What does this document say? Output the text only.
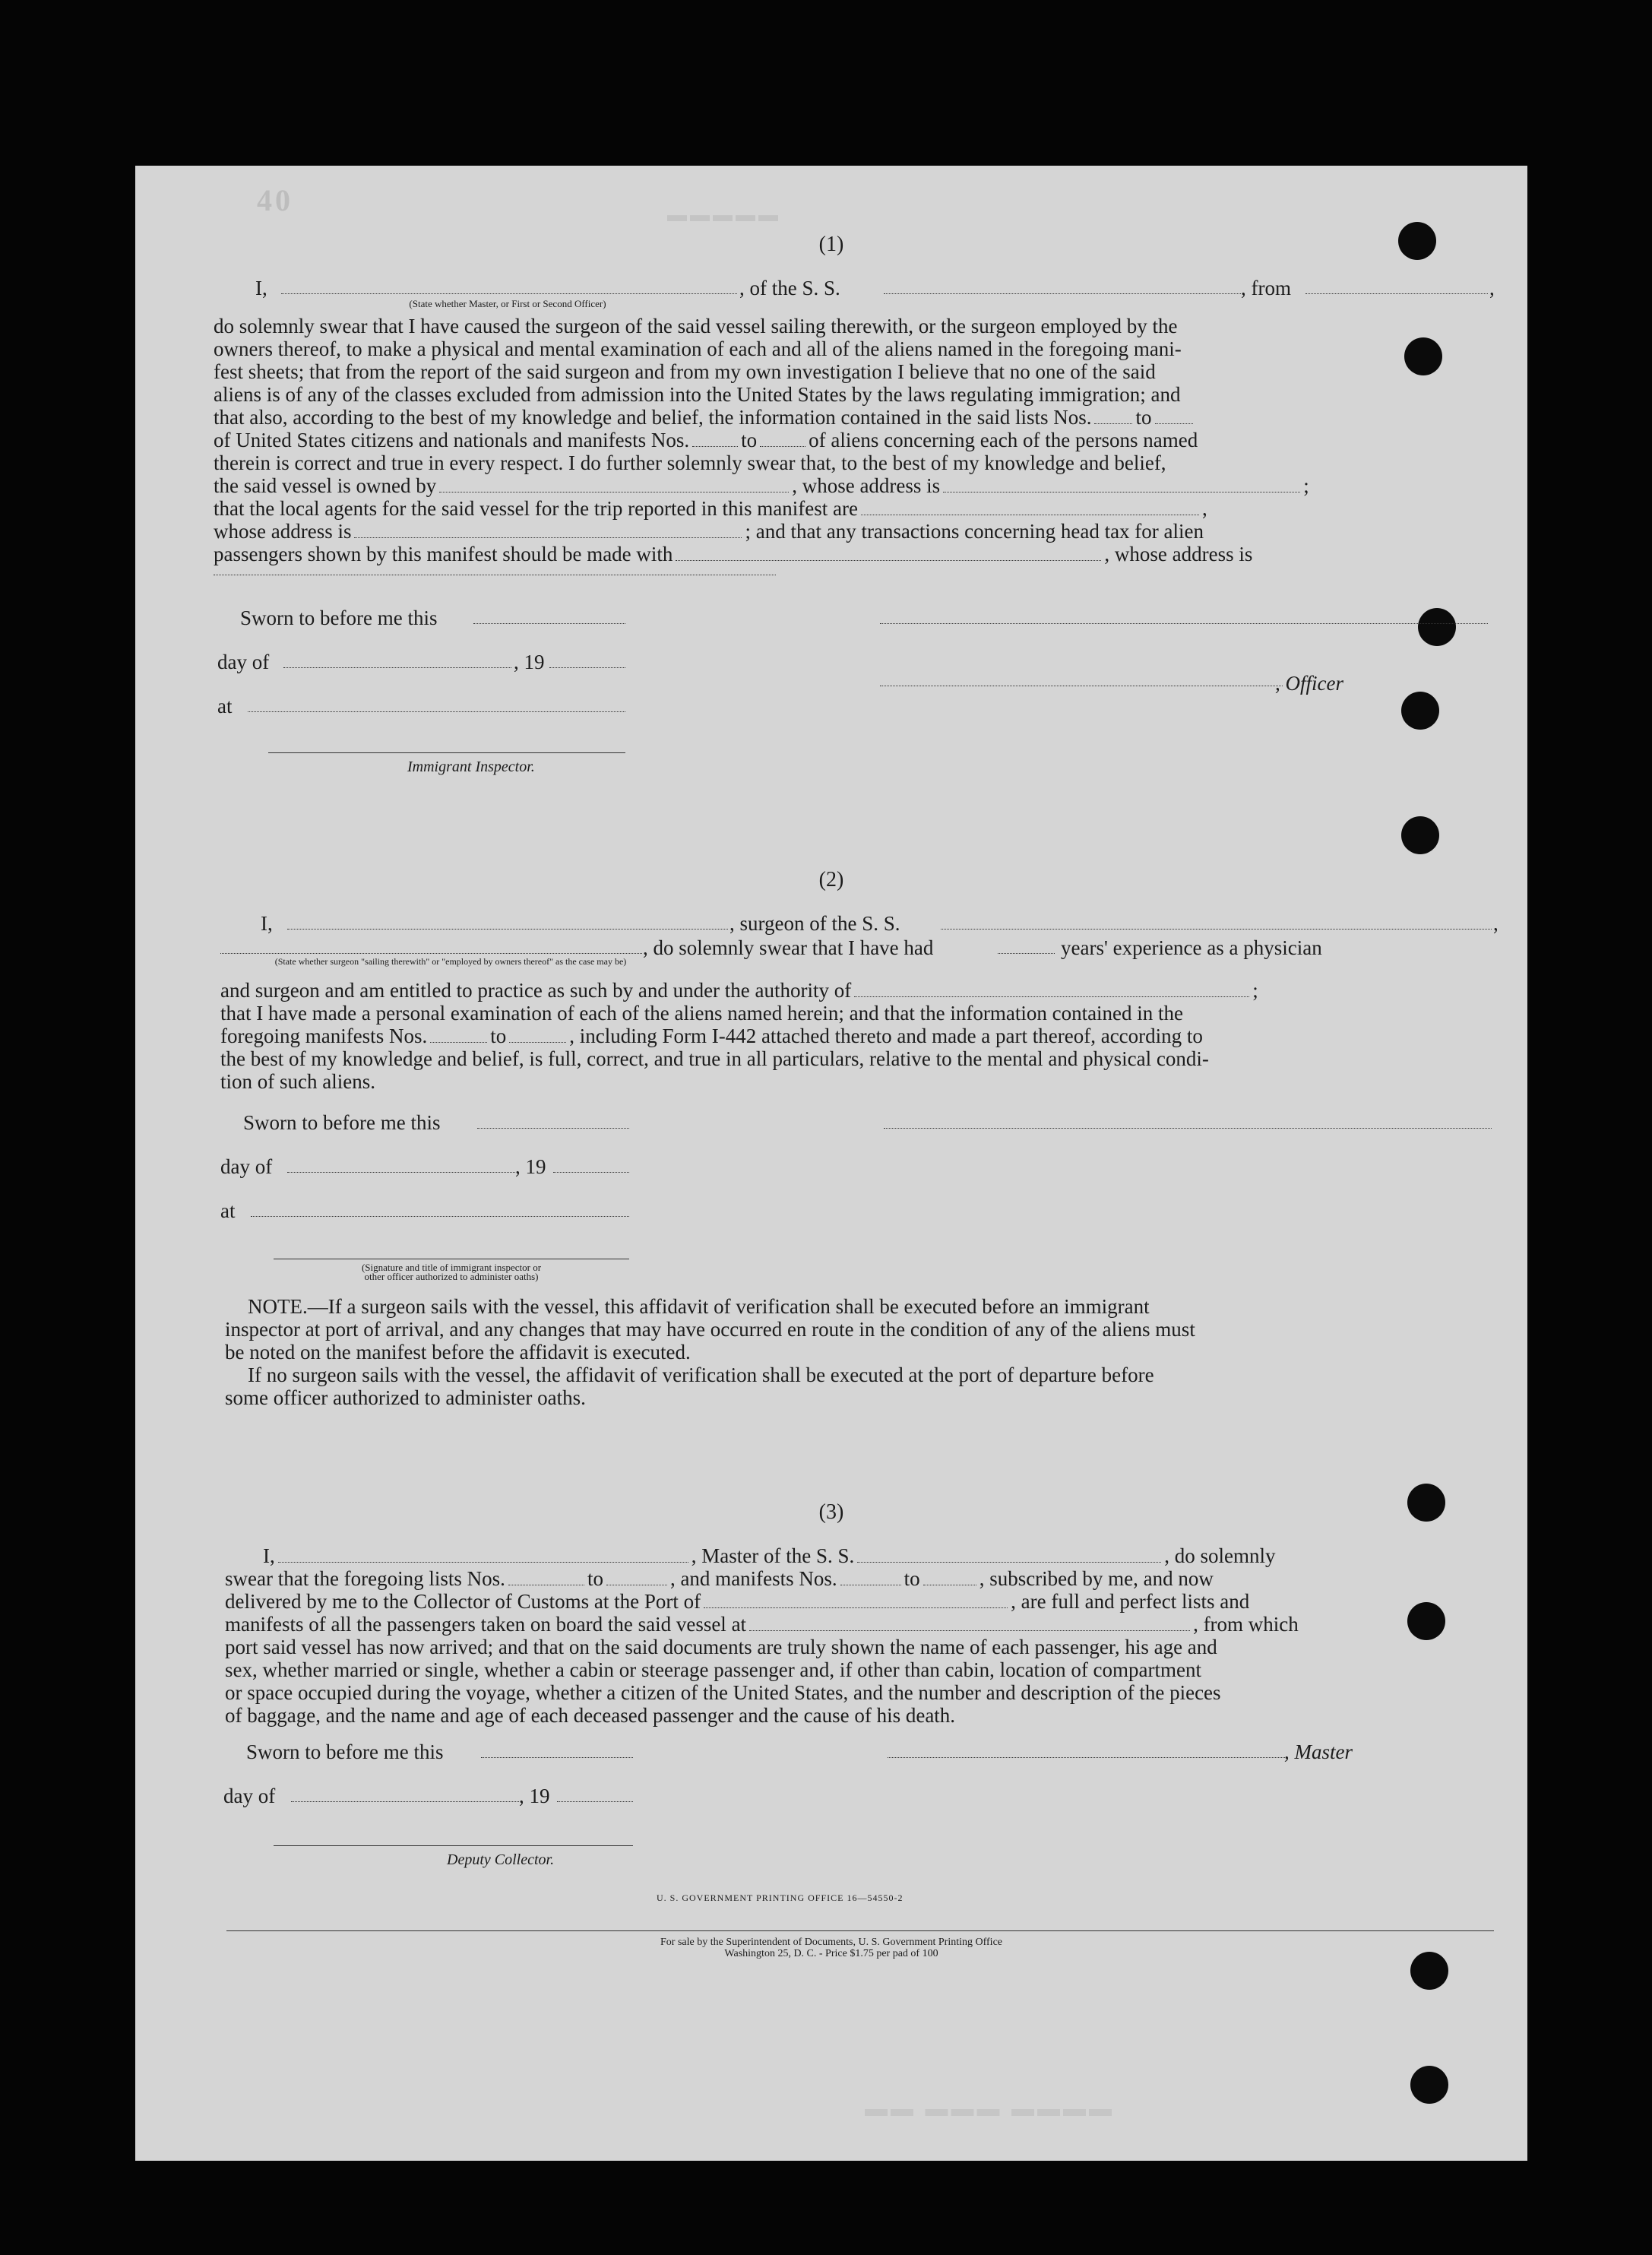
40	▬▬▬▬▬
(1)
I,	, of the S. S.	, from	,
(State whether Master, or First or Second Officer)
do solemnly swear that I have caused the surgeon of the said vessel sailing therewith, or the surgeon employed by the
owners thereof, to make a physical and mental examination of each and all of the aliens named in the foregoing mani-
fest sheets; that from the report of the said surgeon and from my own investigation I believe that no one of the said
aliens is of any of the classes excluded from admission into the United States by the laws regulating immigration; and
that also, according to the best of my knowledge and belief, the information contained in the said lists Nos. to
of United States citizens and nationals and manifests Nos.	to	of aliens concerning each of the persons named
therein is correct and true in every respect. I do further solemnly swear that, to the best of my knowledge and belief,
the said vessel is owned by	, whose address is	;
that the local agents for the said vessel for the trip reported in this manifest are	,
whose address is	; and that any transactions concerning head tax for alien
passengers shown by this manifest should be made with	, whose address is
Sworn to before me this
day of	, 19
, Officer
at
Immigrant Inspector.
(2)
I,	, surgeon of the S. S.	,
, do solemnly swear that I have had	years' experience as a physician
(State whether surgeon "sailing therewith" or "employed by owners thereof" as the case may be)
and surgeon and am entitled to practice as such by and under the authority of	;
that I have made a personal examination of each of the aliens named herein; and that the information contained in the
foregoing manifests Nos.	to	, including Form I-442 attached thereto and made a part thereof, according to
the best of my knowledge and belief, is full, correct, and true in all particulars, relative to the mental and physical condi-
tion of such aliens.
Sworn to before me this
day of	, 19
at
(Signature and title of immigrant inspector or
other officer authorized to administer oaths)
NOTE.—If a surgeon sails with the vessel, this affidavit of verification shall be executed before an immigrant
inspector at port of arrival, and any changes that may have occurred en route in the condition of any of the aliens must
be noted on the manifest before the affidavit is executed.
If no surgeon sails with the vessel, the affidavit of verification shall be executed at the port of departure before
some officer authorized to administer oaths.
(3)
I,	, Master of the S. S.	, do solemnly
swear that the foregoing lists Nos.	to	, and manifests Nos.	to	, subscribed by me, and now
delivered by me to the Collector of Customs at the Port of	, are full and perfect lists and
manifests of all the passengers taken on board the said vessel at	, from which
port said vessel has now arrived; and that on the said documents are truly shown the name of each passenger, his age and
sex, whether married or single, whether a cabin or steerage passenger and, if other than cabin, location of compartment
or space occupied during the voyage, whether a citizen of the United States, and the number and description of the pieces
of baggage, and the name and age of each deceased passenger and the cause of his death.
Sworn to before me this	, Master
day of	, 19
Deputy Collector.
U. S. GOVERNMENT PRINTING OFFICE 16—54550-2
For sale by the Superintendent of Documents, U. S. Government Printing Office
Washington 25, D. C. - Price $1.75 per pad of 100
▬▬ ▬▬▬ ▬▬▬▬
